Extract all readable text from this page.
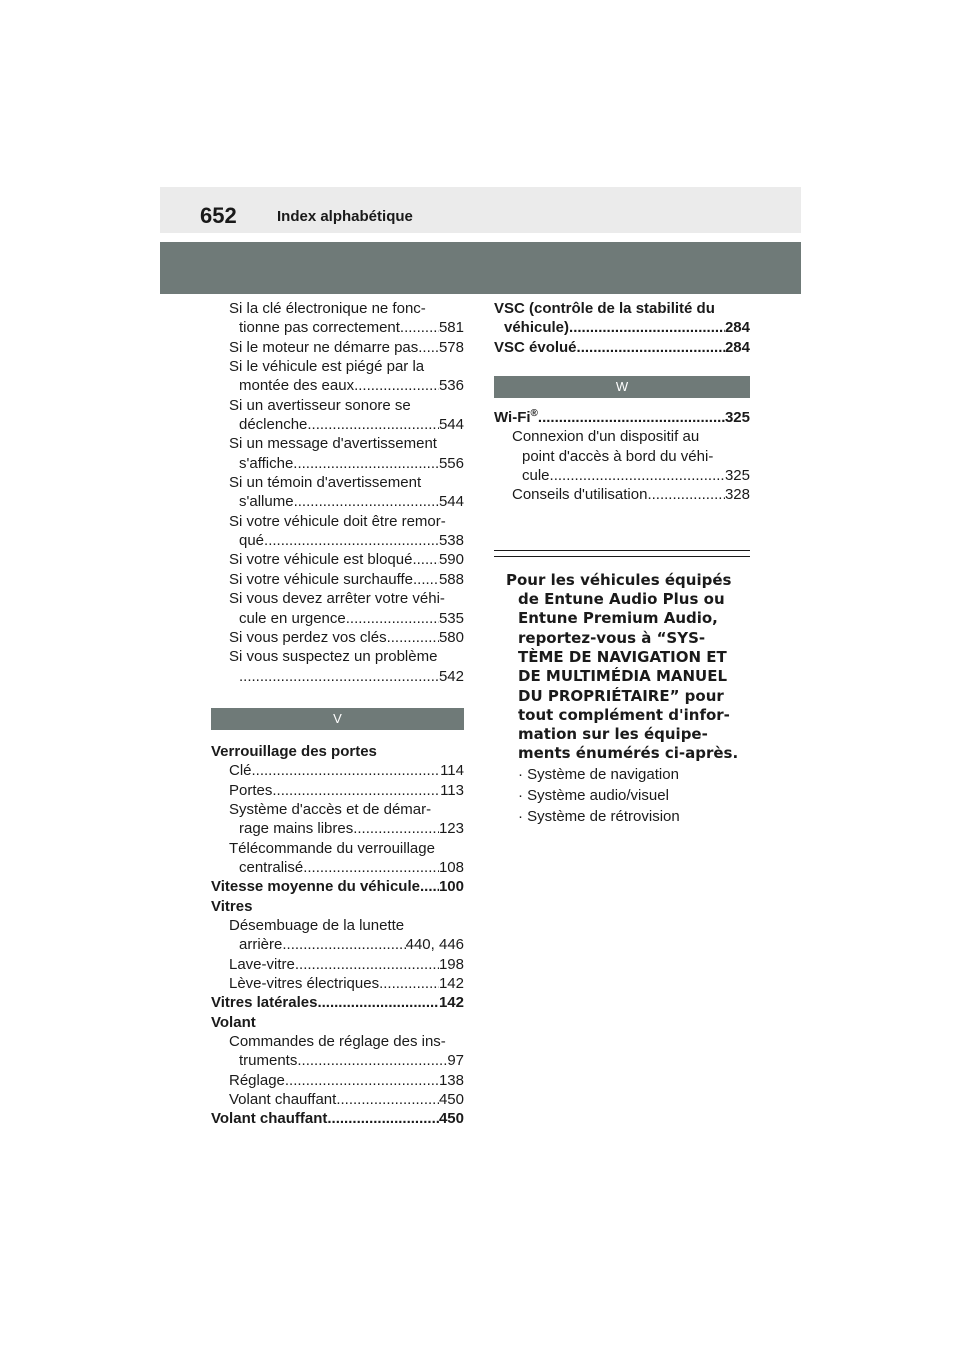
652	Index alphabétique
Si la clé électronique ne fonc-
tionne pas correctement .....	581
Si le moteur ne démarre pas ..... 578
Si le véhicule est piégé par la
montée des eaux .....	536
Si un avertisseur sonore se
déclenche .....	544
Si un message d'avertissement
s'affiche .....	556
Si un témoin d'avertissement
s'allume .....	544
Si votre véhicule doit être remor-
qué .....	538
Si votre véhicule est bloqué ..... 590
Si votre véhicule surchauffe ..... 588
Si vous devez arrêter votre véhi-
cule en urgence .....	535
Si vous perdez vos clés .....	580
Si vous suspectez un problème
.....
542
V
Verrouillage des portes
Clé .....	114
Portes .....	113
Système d'accès et de démar-
rage mains libres .....	123
Télécommande du verrouillage
centralisé .....	108
Vitesse moyenne du véhicule ..... 100
Vitres
Désembuage de la lunette
arrière .....	440, 446
Lave-vitre .....	198
Lève-vitres électriques .....	142
Vitres latérales .....	142
Volant
Commandes de réglage des ins-
truments .....	97
Réglage .....	138
Volant chauffant .....	450
Volant chauffant .....	450
VSC (contrôle de la stabilité du
véhicule) .....	284
VSC évolué .....	284
W
Wi-Fi® .....	325
Connexion d'un dispositif au
point d'accès à bord du véhi-
cule .....	325
Conseils d'utilisation .....	328
Pour les véhicules équipés
de Entune Audio Plus ou
Entune Premium Audio,
reportez-vous à “SYS-
TÈME DE NAVIGATION ET
DE MULTIMÉDIA MANUEL
DU PROPRIÉTAIRE” pour
tout complément d'infor-
mation sur les équipe-
ments énumérés ci-après.
· Système de navigation
· Système audio/visuel
· Système de rétrovision
